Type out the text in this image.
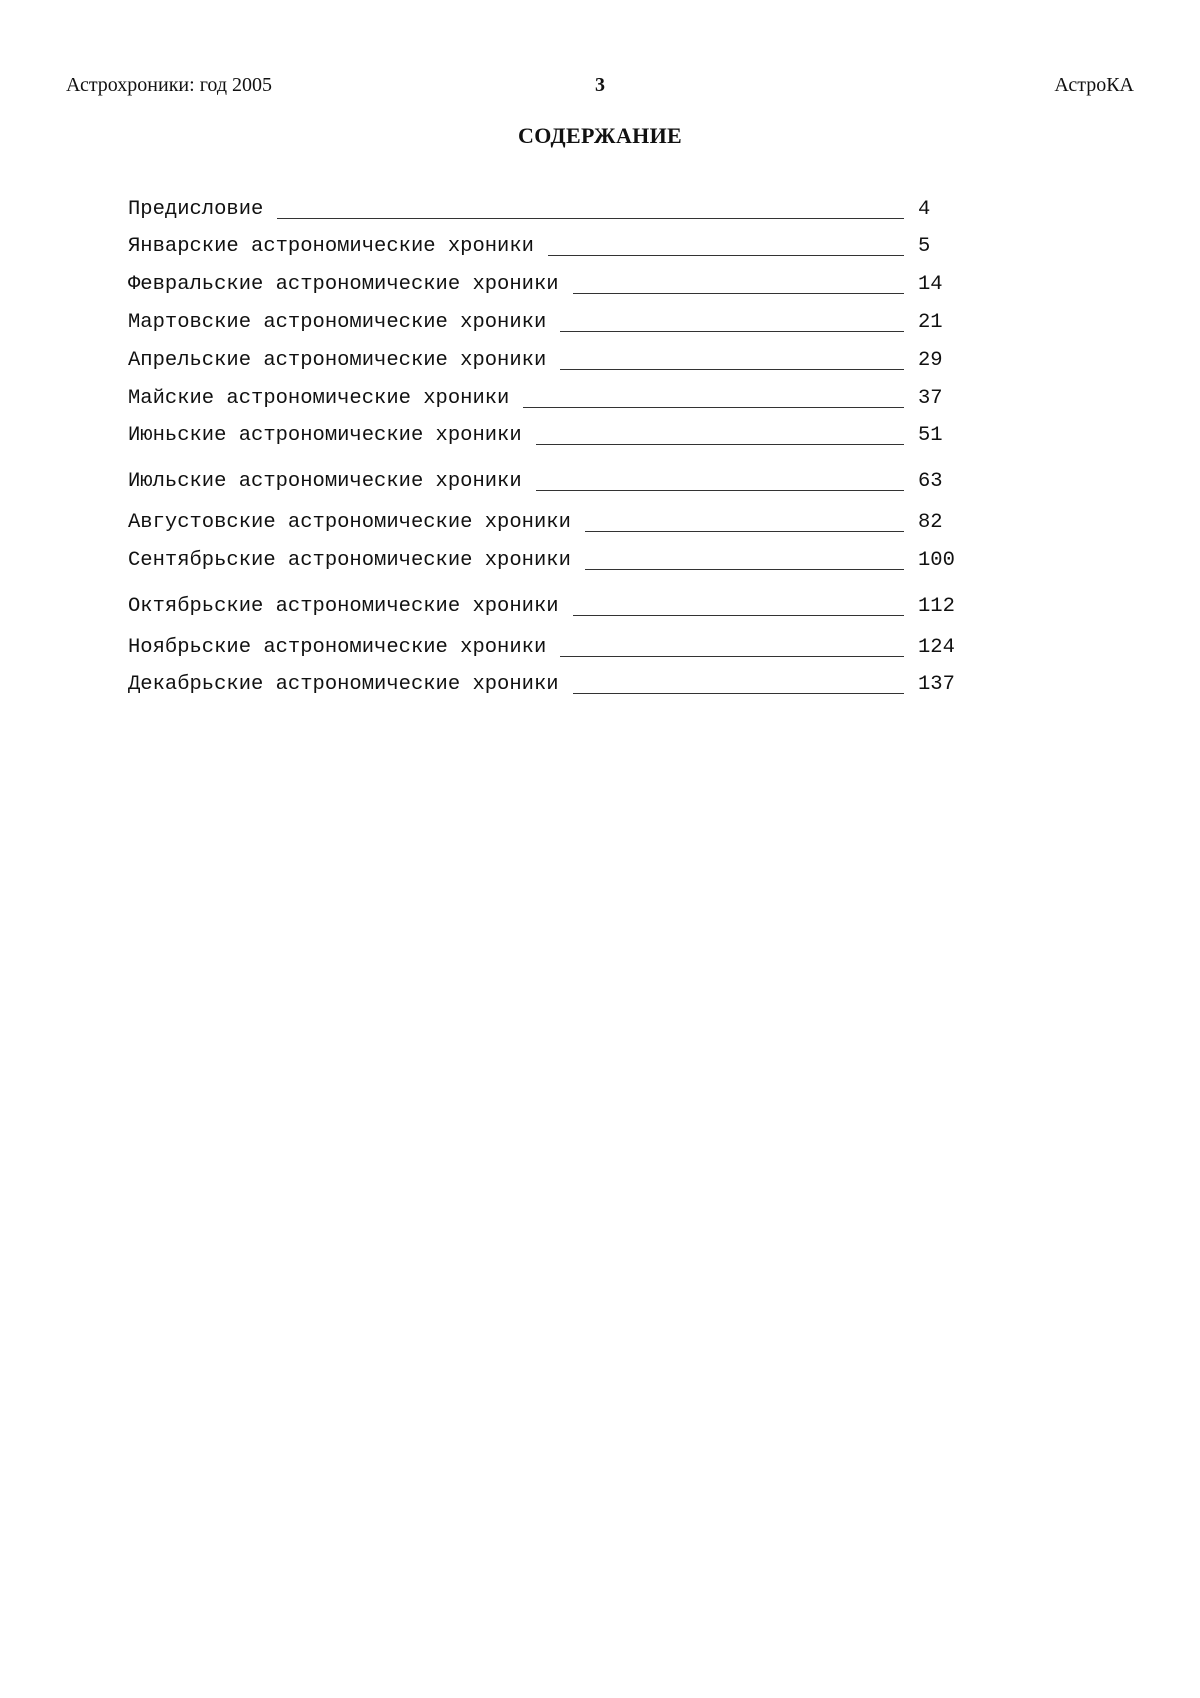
Астрохроники: год 2005	3	АстроКА
СОДЕРЖАНИЕ
Предисловие	4
Январские астрономические хроники	5
Февральские астрономические хроники	14
Мартовские астрономические хроники	21
Апрельские астрономические хроники	29
Майские астрономические хроники	37
Июньские астрономические хроники	51
Июльские астрономические хроники	63
Августовские астрономические хроники	82
Сентябрьские астрономические хроники	100
Октябрьские астрономические хроники	112
Ноябрьские астрономические хроники	124
Декабрьские астрономические хроники	137
